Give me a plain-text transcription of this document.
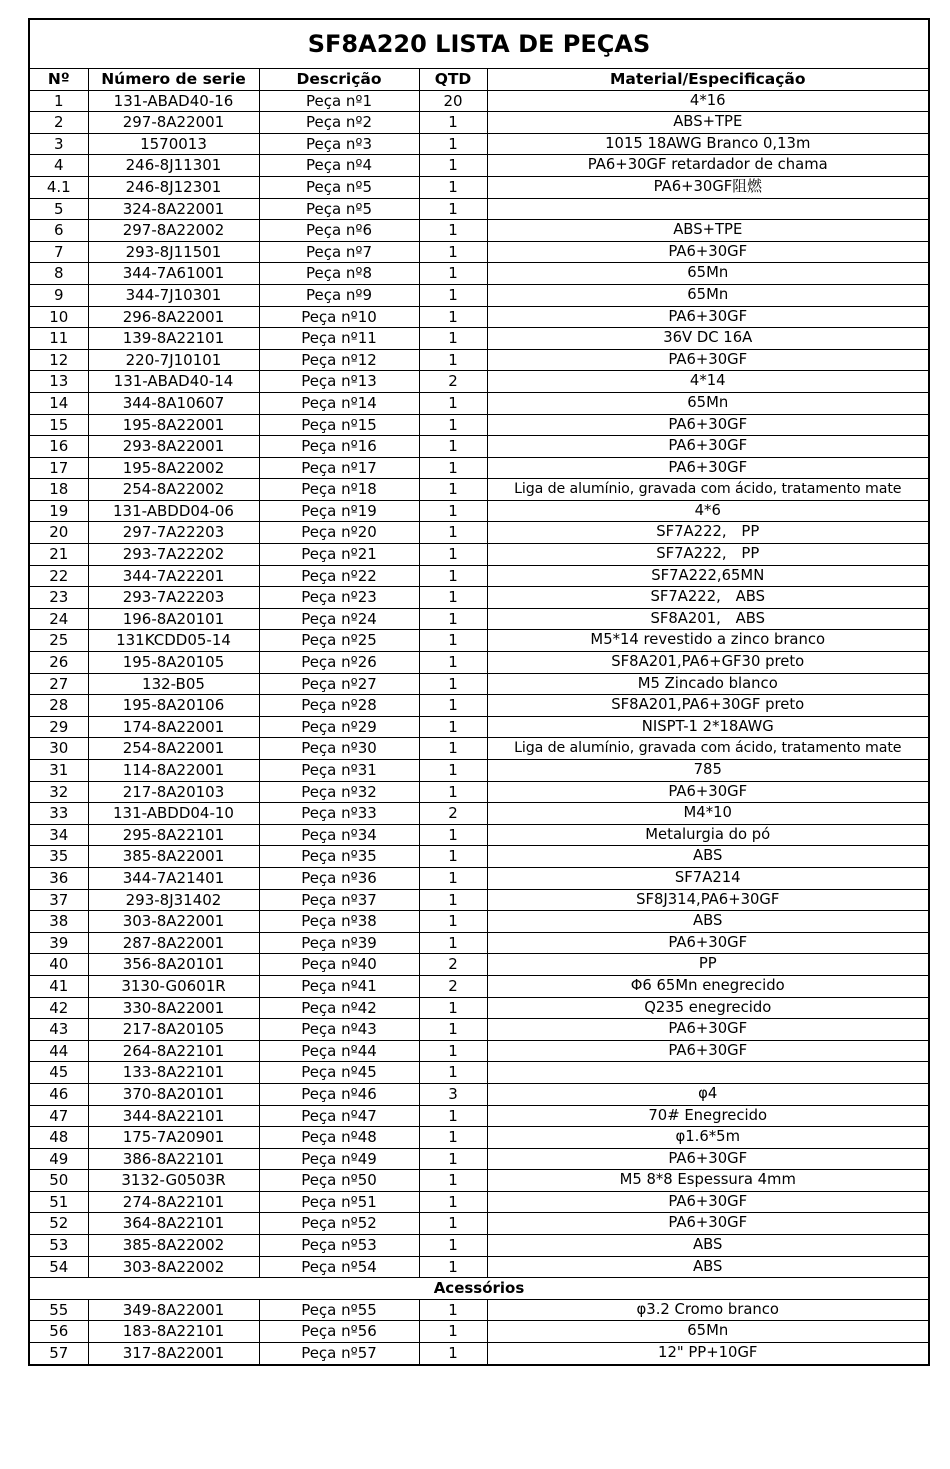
SF8A220 LISTA DE PEÇAS
Nº	Número de serie	Descrição	QTD	Material/Especificação
1	131-ABAD40-16	Peça nº1	20	4*16
2	297-8A22001	Peça nº2	1	ABS+TPE
3	1570013	Peça nº3	1	1015 18AWG Branco 0,13m
4	246-8J11301	Peça nº4	1	PA6+30GF retardador de chama
4.1	246-8J12301	Peça nº5	1	PA6+30GF阻燃
5	324-8A22001	Peça nº5	1	
6	297-8A22002	Peça nº6	1	ABS+TPE
7	293-8J11501	Peça nº7	1	PA6+30GF
8	344-7A61001	Peça nº8	1	65Mn
9	344-7J10301	Peça nº9	1	65Mn
10	296-8A22001	Peça nº10	1	PA6+30GF
11	139-8A22101	Peça nº11	1	36V DC 16A
12	220-7J10101	Peça nº12	1	PA6+30GF
13	131-ABAD40-14	Peça nº13	2	4*14
14	344-8A10607	Peça nº14	1	65Mn
15	195-8A22001	Peça nº15	1	PA6+30GF
16	293-8A22001	Peça nº16	1	PA6+30GF
17	195-8A22002	Peça nº17	1	PA6+30GF
18	254-8A22002	Peça nº18	1	Liga de alumínio, gravada com ácido, tratamento mate
19	131-ABDD04-06	Peça nº19	1	4*6
20	297-7A22203	Peça nº20	1	SF7A222,　PP
21	293-7A22202	Peça nº21	1	SF7A222,　PP
22	344-7A22201	Peça nº22	1	SF7A222,65MN
23	293-7A22203	Peça nº23	1	SF7A222,　ABS
24	196-8A20101	Peça nº24	1	SF8A201,　ABS
25	131KCDD05-14	Peça nº25	1	M5*14 revestido a zinco branco
26	195-8A20105	Peça nº26	1	SF8A201,PA6+GF30 preto
27	132-B05	Peça nº27	1	M5 Zincado blanco
28	195-8A20106	Peça nº28	1	SF8A201,PA6+30GF preto
29	174-8A22001	Peça nº29	1	NISPT-1 2*18AWG
30	254-8A22001	Peça nº30	1	Liga de alumínio, gravada com ácido, tratamento mate
31	114-8A22001	Peça nº31	1	785
32	217-8A20103	Peça nº32	1	PA6+30GF
33	131-ABDD04-10	Peça nº33	2	M4*10
34	295-8A22101	Peça nº34	1	Metalurgia do pó
35	385-8A22001	Peça nº35	1	ABS
36	344-7A21401	Peça nº36	1	SF7A214
37	293-8J31402	Peça nº37	1	SF8J314,PA6+30GF
38	303-8A22001	Peça nº38	1	ABS
39	287-8A22001	Peça nº39	1	PA6+30GF
40	356-8A20101	Peça nº40	2	PP
41	3130-G0601R	Peça nº41	2	Φ6 65Mn enegrecido
42	330-8A22001	Peça nº42	1	Q235 enegrecido
43	217-8A20105	Peça nº43	1	PA6+30GF
44	264-8A22101	Peça nº44	1	PA6+30GF
45	133-8A22101	Peça nº45	1	
46	370-8A20101	Peça nº46	3	φ4
47	344-8A22101	Peça nº47	1	70# Enegrecido
48	175-7A20901	Peça nº48	1	φ1.6*5m
49	386-8A22101	Peça nº49	1	PA6+30GF
50	3132-G0503R	Peça nº50	1	M5 8*8 Espessura 4mm
51	274-8A22101	Peça nº51	1	PA6+30GF
52	364-8A22101	Peça nº52	1	PA6+30GF
53	385-8A22002	Peça nº53	1	ABS
54	303-8A22002	Peça nº54	1	ABS
Acessórios				
55	349-8A22001	Peça nº55	1	φ3.2 Cromo branco
56	183-8A22101	Peça nº56	1	65Mn
57	317-8A22001	Peça nº57	1	12" PP+10GF
